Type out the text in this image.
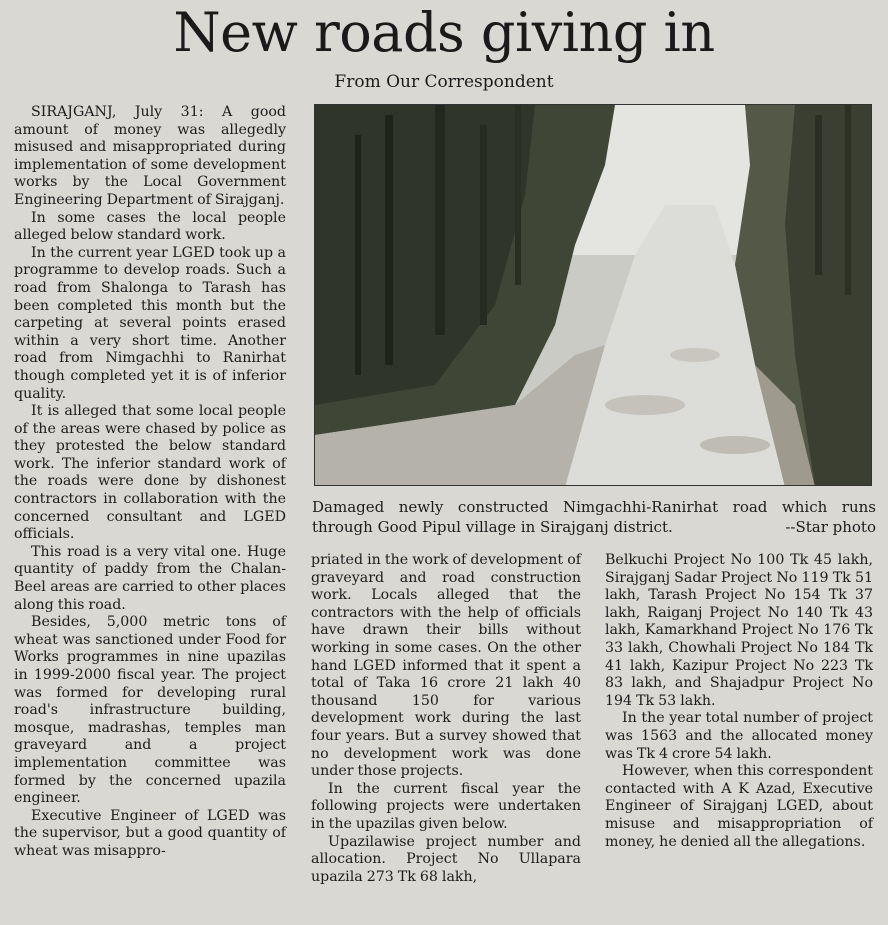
New roads giving in
From Our Correspondent

SIRAJGANJ, July 31: A good amount of money was allegedly misused and misappropriated during implementation of some development works by the Local Government Engineering Department of Sirajganj.

In some cases the local people alleged below standard work.

In the current year LGED took up a programme to develop roads. Such a road from Shalonga to Tarash has been completed this month but the carpeting at several points erased within a very short time. Another road from Nimgachhi to Ranirhat though completed yet it is of inferior quality.

It is alleged that some local people of the areas were chased by police as they protested the below standard work. The inferior standard work of the roads were done by dishonest contractors in collaboration with the concerned consultant and LGED officials.

This road is a very vital one. Huge quantity of paddy from the Chalan-Beel areas are carried to other places along this road.

Besides, 5,000 metric tons of wheat was sanctioned under Food for Works programmes in nine upazilas in 1999-2000 fiscal year. The project was formed for developing rural road's infrastructure building, mosque, madrashas, temples man graveyard and a project implementation committee was formed by the concerned upazila engineer.

Executive Engineer of LGED was the supervisor, but a good quantity of wheat was misappro-

Damaged newly constructed Nimgachhi-Ranirhat road which runs through Good Pipul village in Sirajganj district.	--Star photo

priated in the work of development of graveyard and road construction work. Locals alleged that the contractors with the help of officials have drawn their bills without working in some cases. On the other hand LGED informed that it spent a total of Taka 16 crore 21 lakh 40 thousand 150 for various development work during the last four years. But a survey showed that no development work was done under those projects.

In the current fiscal year the following projects were undertaken in the upazilas given below.

Upazilawise project number and allocation. Project No Ullapara upazila 273 Tk 68 lakh,

Belkuchi Project No 100 Tk 45 lakh, Sirajganj Sadar Project No 119 Tk 51 lakh, Tarash Project No 154 Tk 37 lakh, Raiganj Project No 140 Tk 43 lakh, Kamarkhand Project No 176 Tk 33 lakh, Chowhali Project No 184 Tk 41 lakh, Kazipur Project No 223 Tk 83 lakh, and Shajadpur Project No 194 Tk 53 lakh.

In the year total number of project was 1563 and the allocated money was Tk 4 crore 54 lakh.

However, when this correspondent contacted with A K Azad, Executive Engineer of Sirajganj LGED, about misuse and misappropriation of money, he denied all the allegations.
